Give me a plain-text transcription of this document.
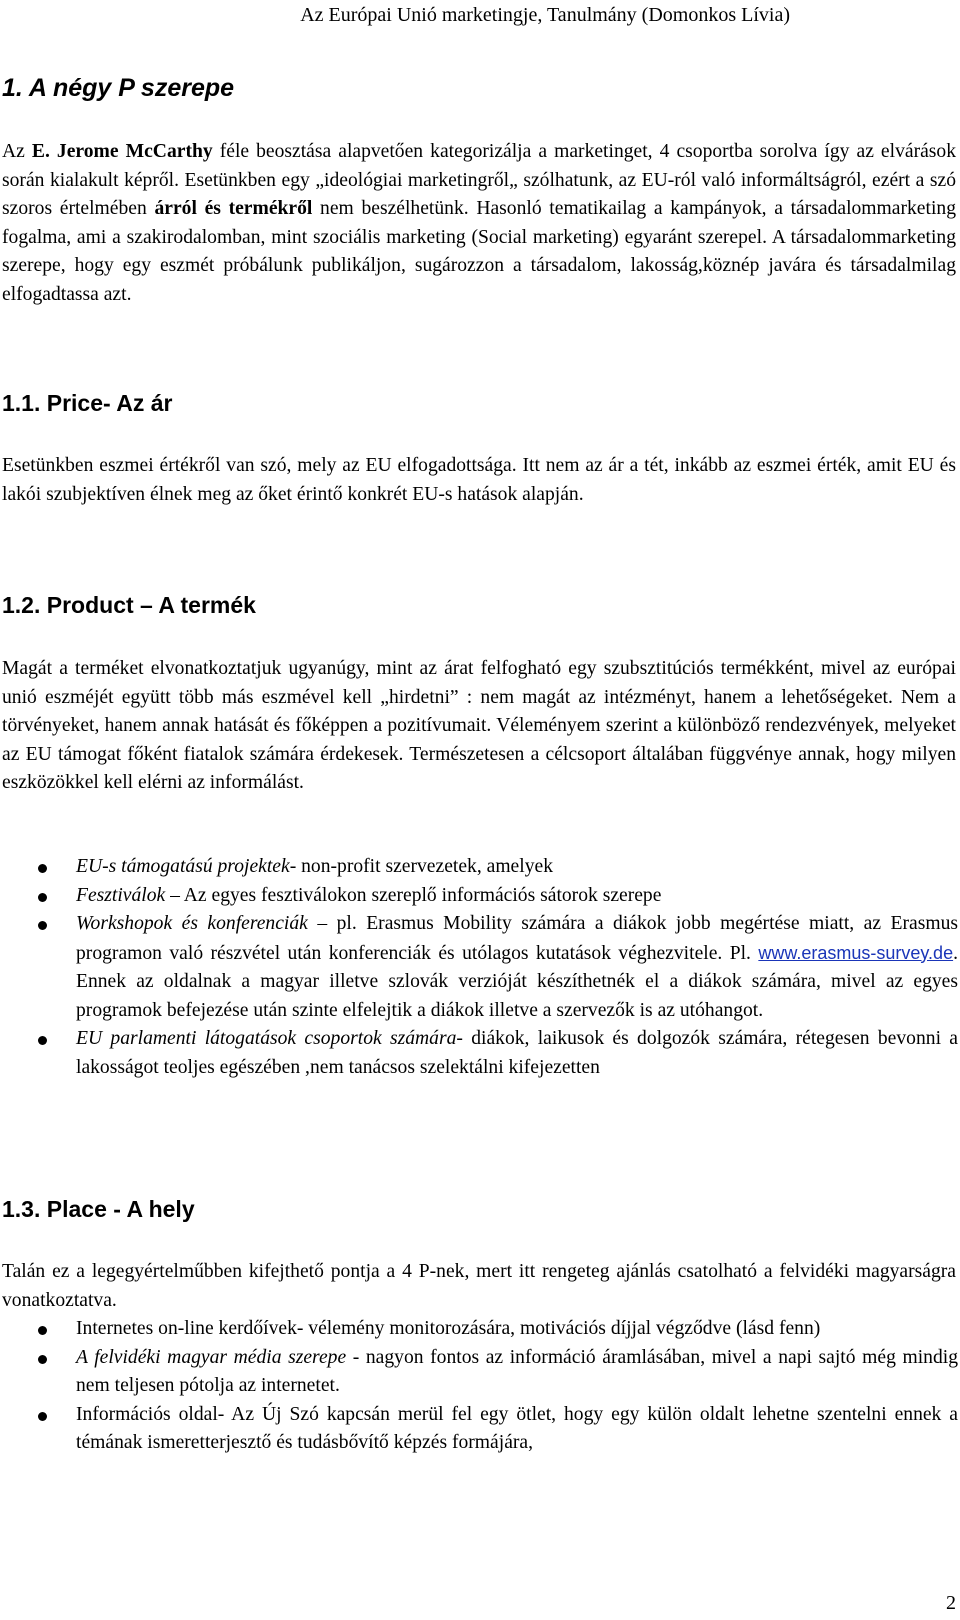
Az Európai Unió marketingje, Tanulmány (Domonkos Lívia)
1. A négy P szerepe

Az E. Jerome McCarthy féle beosztása alapvetően kategorizálja a marketinget, 4 csoportba sorolva így az elvárások során kialakult képről. Esetünkben egy „ideológiai marketingről„ szólhatunk, az EU-ról való informáltságról, ezért a szó szoros értelmében árról és termékről nem beszélhetünk. Hasonló tematikailag a kampányok, a társadalommarketing fogalma, ami a szakirodalomban, mint szociális marketing (Social marketing) egyaránt szerepel. A társadalommarketing szerepe, hogy egy eszmét próbálunk publikáljon, sugározzon a társadalom, lakosság,köznép javára és társadalmilag elfogadtassa azt.

1.1. Price- Az ár

Esetünkben eszmei értékről van szó, mely az EU elfogadottsága. Itt nem az ár a tét, inkább az eszmei érték, amit EU és lakói szubjektíven élnek meg az őket érintő konkrét EU-s hatások alapján.

1.2. Product – A termék

Magát a terméket elvonatkoztatjuk ugyanúgy, mint az árat felfogható egy szubsztitúciós termékként, mivel az európai unió eszméjét együtt több más eszmével kell „hirdetni” : nem magát az intézményt, hanem a lehetőségeket. Nem a törvényeket, hanem annak hatását és főképpen a pozitívumait. Véleményem szerint a különböző rendezvények, melyeket az EU támogat főként fiatalok számára érdekesek. Természetesen a célcsoport általában függvénye annak, hogy milyen eszközökkel kell elérni az informálást.

EU-s támogatású projektek- non-profit szervezetek, amelyek
Fesztiválok – Az egyes fesztiválokon szereplő információs sátorok szerepe
Workshopok és konferenciák – pl. Erasmus Mobility számára a diákok jobb megértése miatt, az Erasmus programon való részvétel után konferenciák és utólagos kutatások véghezvitele. Pl. www.erasmus-survey.de. Ennek az oldalnak a magyar illetve szlovák verzióját készíthetnék el a diákok számára, mivel az egyes programok befejezése után szinte elfelejtik a diákok illetve a szervezők is az utóhangot.
EU parlamenti látogatások csoportok számára- diákok, laikusok és dolgozók számára, rétegesen bevonni a lakosságot teoljes egészében ,nem tanácsos szelektálni kifejezetten
1.3. Place - A hely

Talán ez a legegyértelműbben kifejthető pontja a 4 P-nek, mert itt rengeteg ajánlás csatolható a felvidéki magyarságra vonatkoztatva.

Internetes on-line kerdőívek- vélemény monitorozására, motivációs díjjal végződve (lásd fenn)
A felvidéki magyar média szerepe - nagyon fontos az információ áramlásában, mivel a napi sajtó még mindig nem teljesen pótolja az internetet.
Információs oldal- Az Új Szó kapcsán merül fel egy ötlet, hogy egy külön oldalt lehetne szentelni ennek a témának ismeretterjesztő és tudásbővítő képzés formájára,
2
